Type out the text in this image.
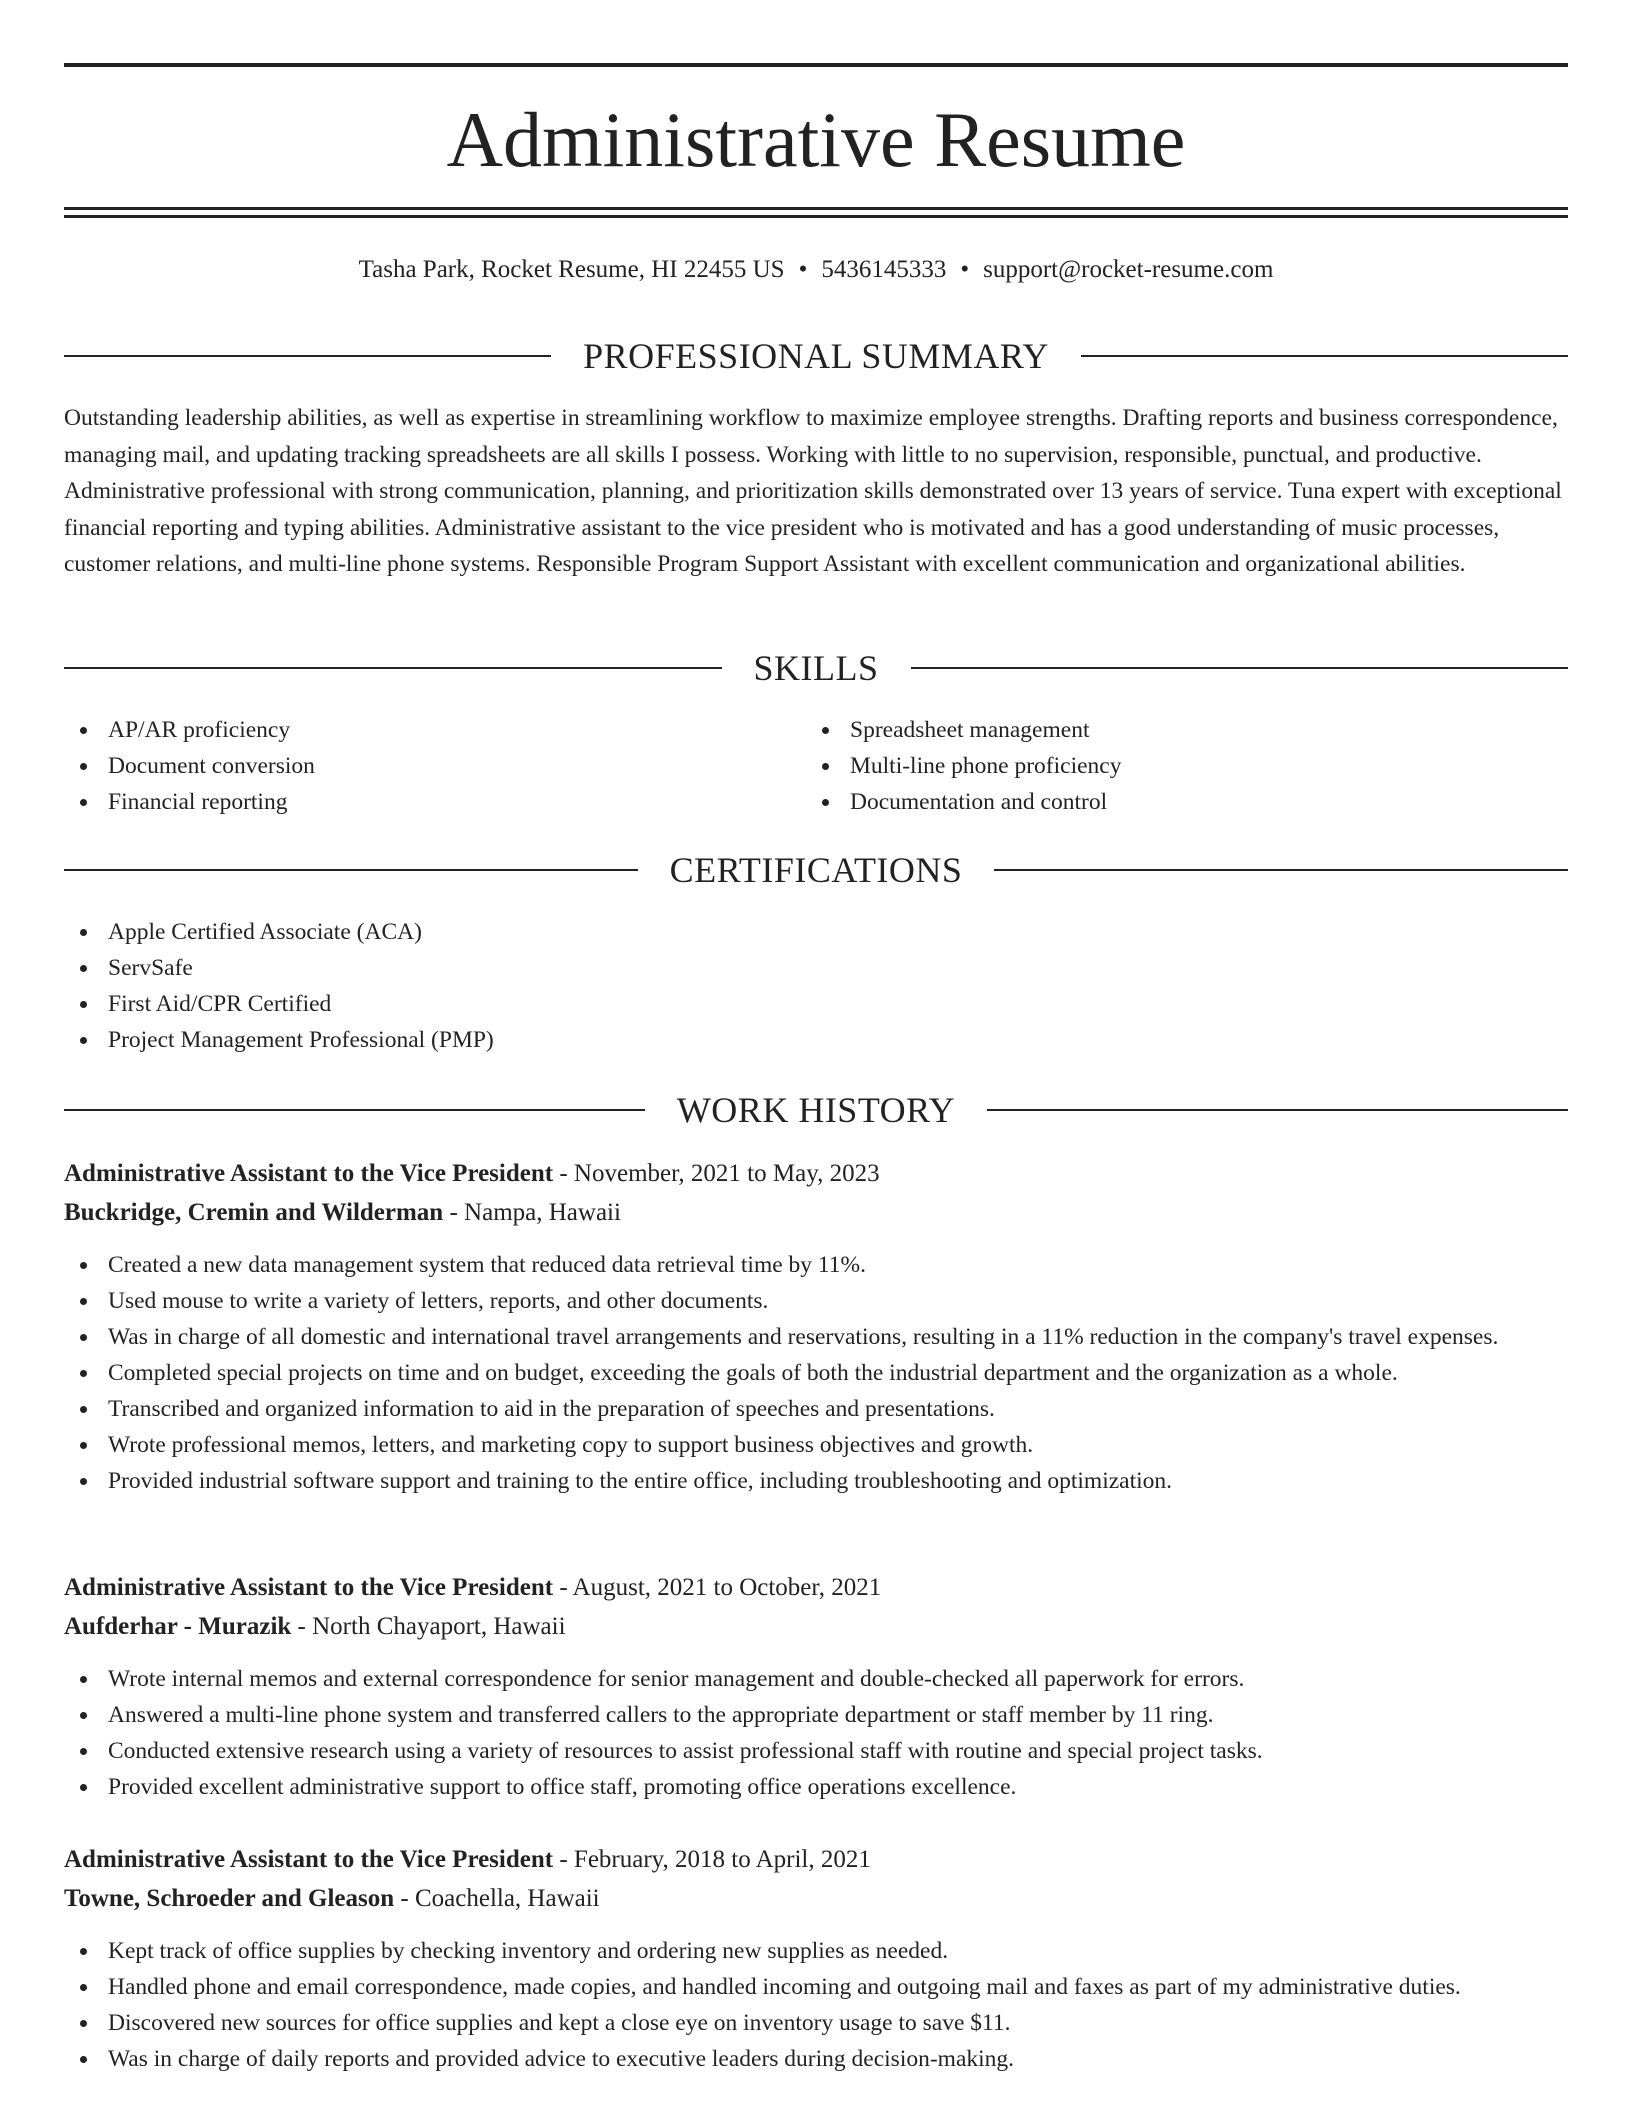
Administrative Resume
Tasha Park, Rocket Resume, HI 22455 US • 5436145333 • support@rocket-resume.com
PROFESSIONAL SUMMARY

Outstanding leadership abilities, as well as expertise in streamlining workflow to maximize employee strengths. Drafting reports and business correspondence, managing mail, and updating tracking spreadsheets are all skills I possess. Working with little to no supervision, responsible, punctual, and productive. Administrative professional with strong communication, planning, and prioritization skills demonstrated over 13 years of service. Tuna expert with exceptional financial reporting and typing abilities. Administrative assistant to the vice president who is motivated and has a good understanding of music processes, customer relations, and multi-line phone systems. Responsible Program Support Assistant with excellent communication and organizational abilities.

SKILLS
AP/AR proficiency
Document conversion
Financial reporting
Spreadsheet management
Multi-line phone proficiency
Documentation and control
CERTIFICATIONS
Apple Certified Associate (ACA)
ServSafe
First Aid/CPR Certified
Project Management Professional (PMP)
WORK HISTORY
Administrative Assistant to the Vice President - November, 2021 to May, 2023
Buckridge, Cremin and Wilderman - Nampa, Hawaii
Created a new data management system that reduced data retrieval time by 11%.
Used mouse to write a variety of letters, reports, and other documents.
Was in charge of all domestic and international travel arrangements and reservations, resulting in a 11% reduction in the company's travel expenses.
Completed special projects on time and on budget, exceeding the goals of both the industrial department and the organization as a whole.
Transcribed and organized information to aid in the preparation of speeches and presentations.
Wrote professional memos, letters, and marketing copy to support business objectives and growth.
Provided industrial software support and training to the entire office, including troubleshooting and optimization.
Administrative Assistant to the Vice President - August, 2021 to October, 2021
Aufderhar - Murazik - North Chayaport, Hawaii
Wrote internal memos and external correspondence for senior management and double-checked all paperwork for errors.
Answered a multi-line phone system and transferred callers to the appropriate department or staff member by 11 ring.
Conducted extensive research using a variety of resources to assist professional staff with routine and special project tasks.
Provided excellent administrative support to office staff, promoting office operations excellence.
Administrative Assistant to the Vice President - February, 2018 to April, 2021
Towne, Schroeder and Gleason - Coachella, Hawaii
Kept track of office supplies by checking inventory and ordering new supplies as needed.
Handled phone and email correspondence, made copies, and handled incoming and outgoing mail and faxes as part of my administrative duties.
Discovered new sources for office supplies and kept a close eye on inventory usage to save $11.
Was in charge of daily reports and provided advice to executive leaders during decision-making.
